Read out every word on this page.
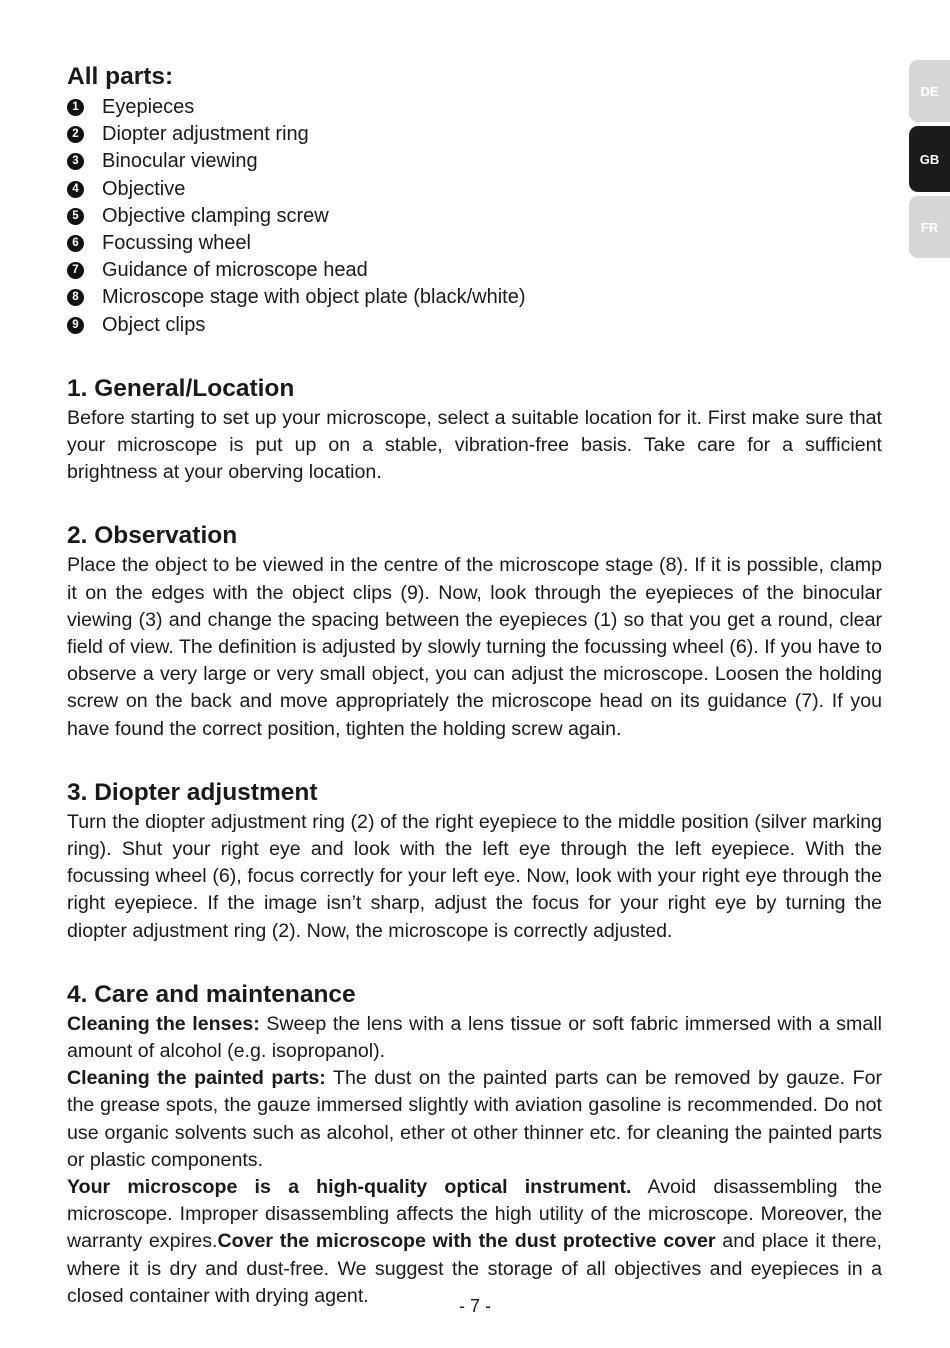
DE
GB
FR
All parts:
1 Eyepieces
2 Diopter adjustment ring
3 Binocular viewing
4 Objective
5 Objective clamping screw
6 Focussing wheel
7 Guidance of microscope head
8 Microscope stage with object plate (black/white)
9 Object clips
1. General/Location

Before starting to set up your microscope, select a suitable location for it. First make sure that your microscope is put up on a stable, vibration-free basis. Take care for a sufficient brightness at your oberving location.

2. Observation

Place the object to be viewed in the centre of the microscope stage (8). If it is possible, clamp it on the edges with the object clips (9). Now, look through the eyepieces of the binocular viewing (3) and change the spacing between the eyepieces (1) so that you get a round, clear field of view. The definition is adjusted by slowly turning the focussing wheel (6). If you have to observe a very large or very small object, you can adjust the microscope. Loosen the holding screw on the back and move appropriately the microscope head on its guidance (7). If you have found the correct position, tighten the holding screw again.

3. Diopter adjustment

Turn the diopter adjustment ring (2) of the right eyepiece to the middle position (silver marking ring). Shut your right eye and look with the left eye through the left eyepiece. With the focussing wheel (6), focus correctly for your left eye. Now, look with your right eye through the right eyepiece. If the image isn’t sharp, adjust the focus for your right eye by turning the diopter adjustment ring (2). Now, the microscope is correctly adjusted.

4. Care and maintenance

Cleaning the lenses: Sweep the lens with a lens tissue or soft fabric immersed with a small amount of alcohol (e.g. isopropanol).

Cleaning the painted parts: The dust on the painted parts can be removed by gauze. For the grease spots, the gauze immersed slightly with aviation gasoline is recommended. Do not use organic solvents such as alcohol, ether ot other thinner etc. for cleaning the painted parts or plastic components.

Your microscope is a high-quality optical instrument. Avoid disassembling the microscope. Improper disassembling affects the high utility of the microscope. Moreover, the warranty expires.Cover the microscope with the dust protective cover and place it there, where it is dry and dust-free. We suggest the storage of all objectives and eyepieces in a closed container with drying agent.	- 7 -
